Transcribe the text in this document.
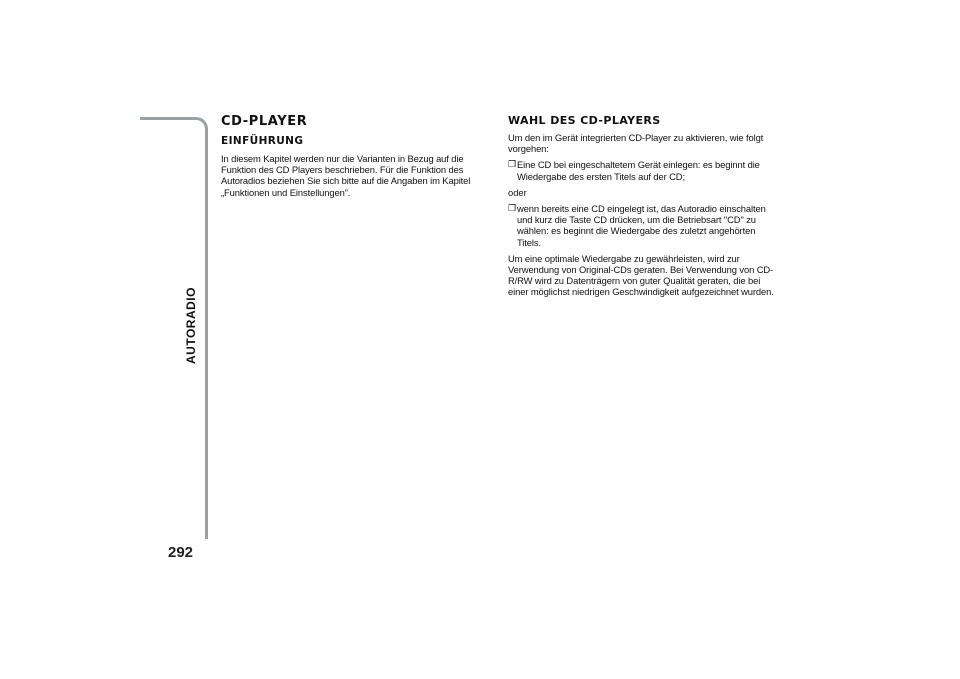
AUTORADIO
292
CD-PLAYER
EINFÜHRUNG

In diesem Kapitel werden nur die Varianten in Bezug auf die Funktion des CD Players beschrieben. Für die Funktion des Autoradios beziehen Sie sich bitte auf die Angaben im Kapitel „Funktionen und Einstellungen”.

WAHL DES CD-PLAYERS

Um den im Gerät integrierten CD-Player zu aktivieren, wie folgt vorgehen:

❒ Eine CD bei eingeschaltetem Gerät einlegen: es beginnt die Wiedergabe des ersten Titels auf der CD;
oder
❒ wenn bereits eine CD eingelegt ist, das Autoradio einschalten und kurz die Taste CD drücken, um die Betriebsart "CD" zu wählen: es beginnt die Wiedergabe des zuletzt angehörten Titels.

Um eine optimale Wiedergabe zu gewährleisten, wird zur Verwendung von Original-CDs geraten. Bei Verwendung von CD-R/RW wird zu Datenträgern von guter Qualität geraten, die bei einer möglichst niedrigen Geschwindigkeit aufgezeichnet wurden.
